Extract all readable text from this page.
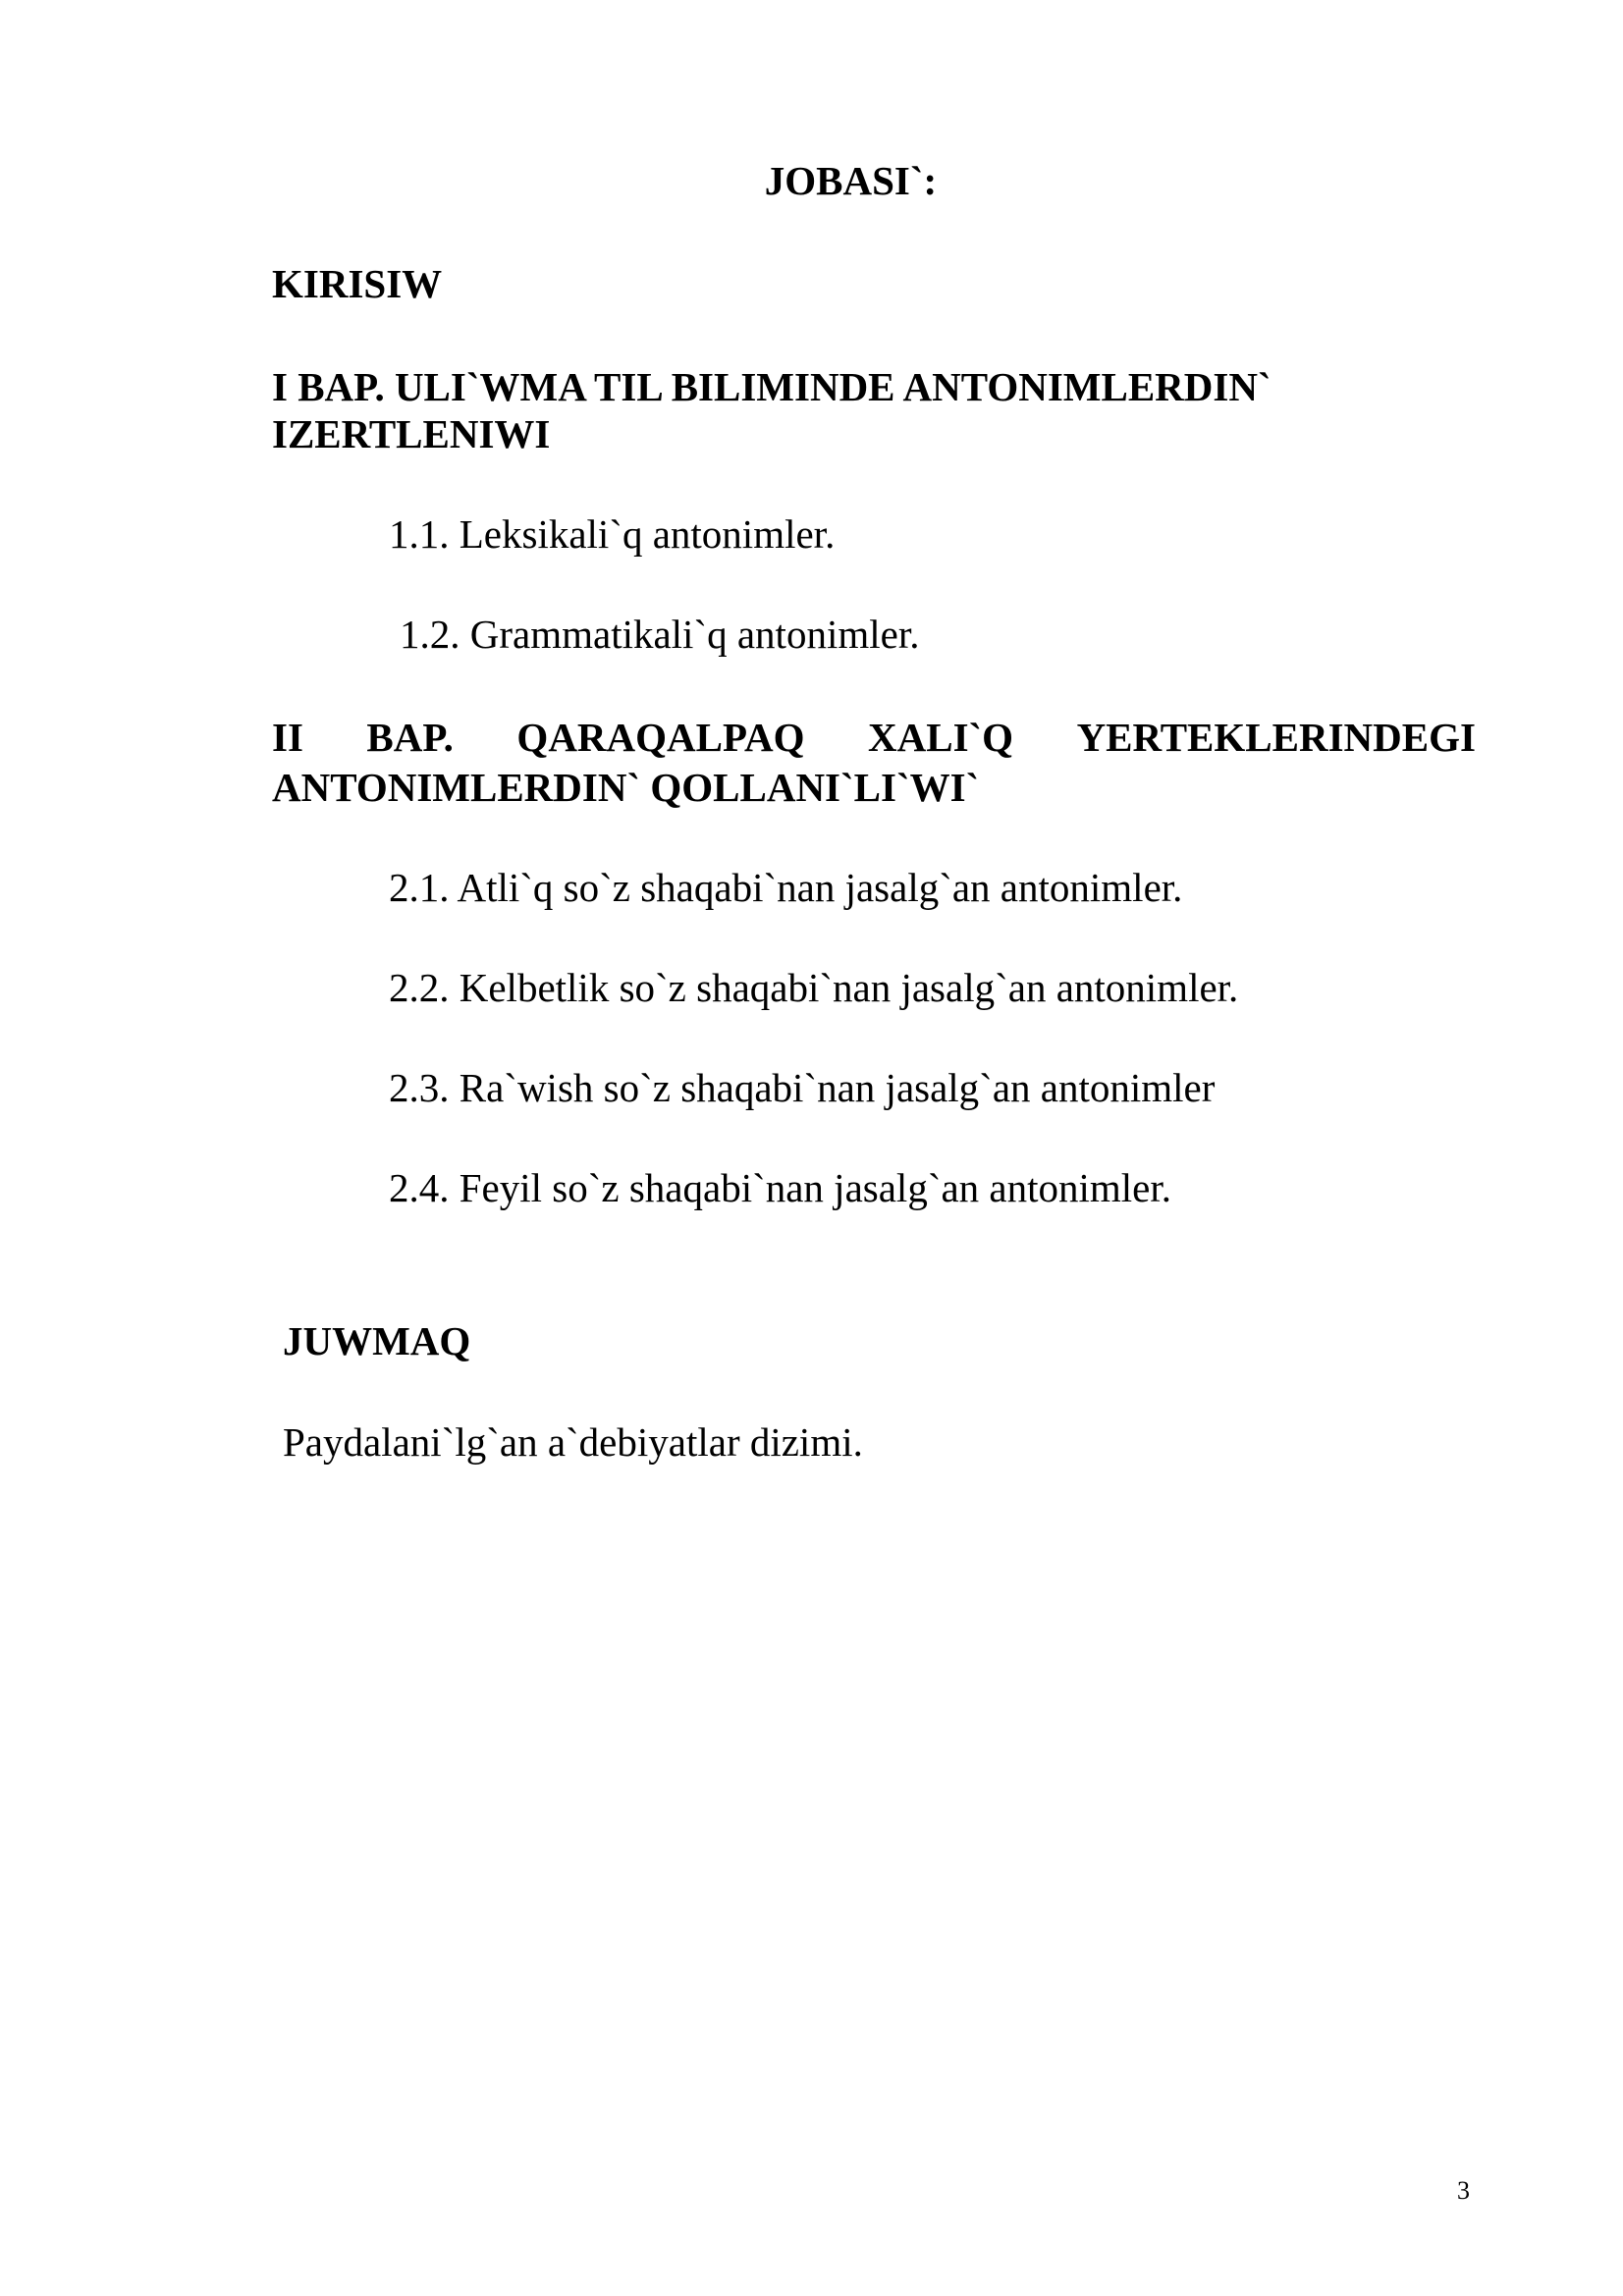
JOBASI`:

KIRISIW

I BAP. ULI`WMA TIL BILIMINDE ANTONIMLERDIN`

IZERTLENIWI

1.1. Leksikali`q antonimler.

1.2. Grammatikali`q antonimler.

II BAP. QARAQALPAQ XALI`Q YERTEKLERINDEGI

ANTONIMLERDIN` QOLLANI`LI`WI`

2.1. Atli`q so`z shaqabi`nan jasalg`an antonimler.

2.2. Kelbetlik so`z shaqabi`nan jasalg`an antonimler.

2.3. Ra`wish so`z shaqabi`nan jasalg`an antonimler

2.4. Feyil so`z shaqabi`nan jasalg`an antonimler.

JUWMAQ

Paydalani`lg`an a`debiyatlar dizimi.

3
